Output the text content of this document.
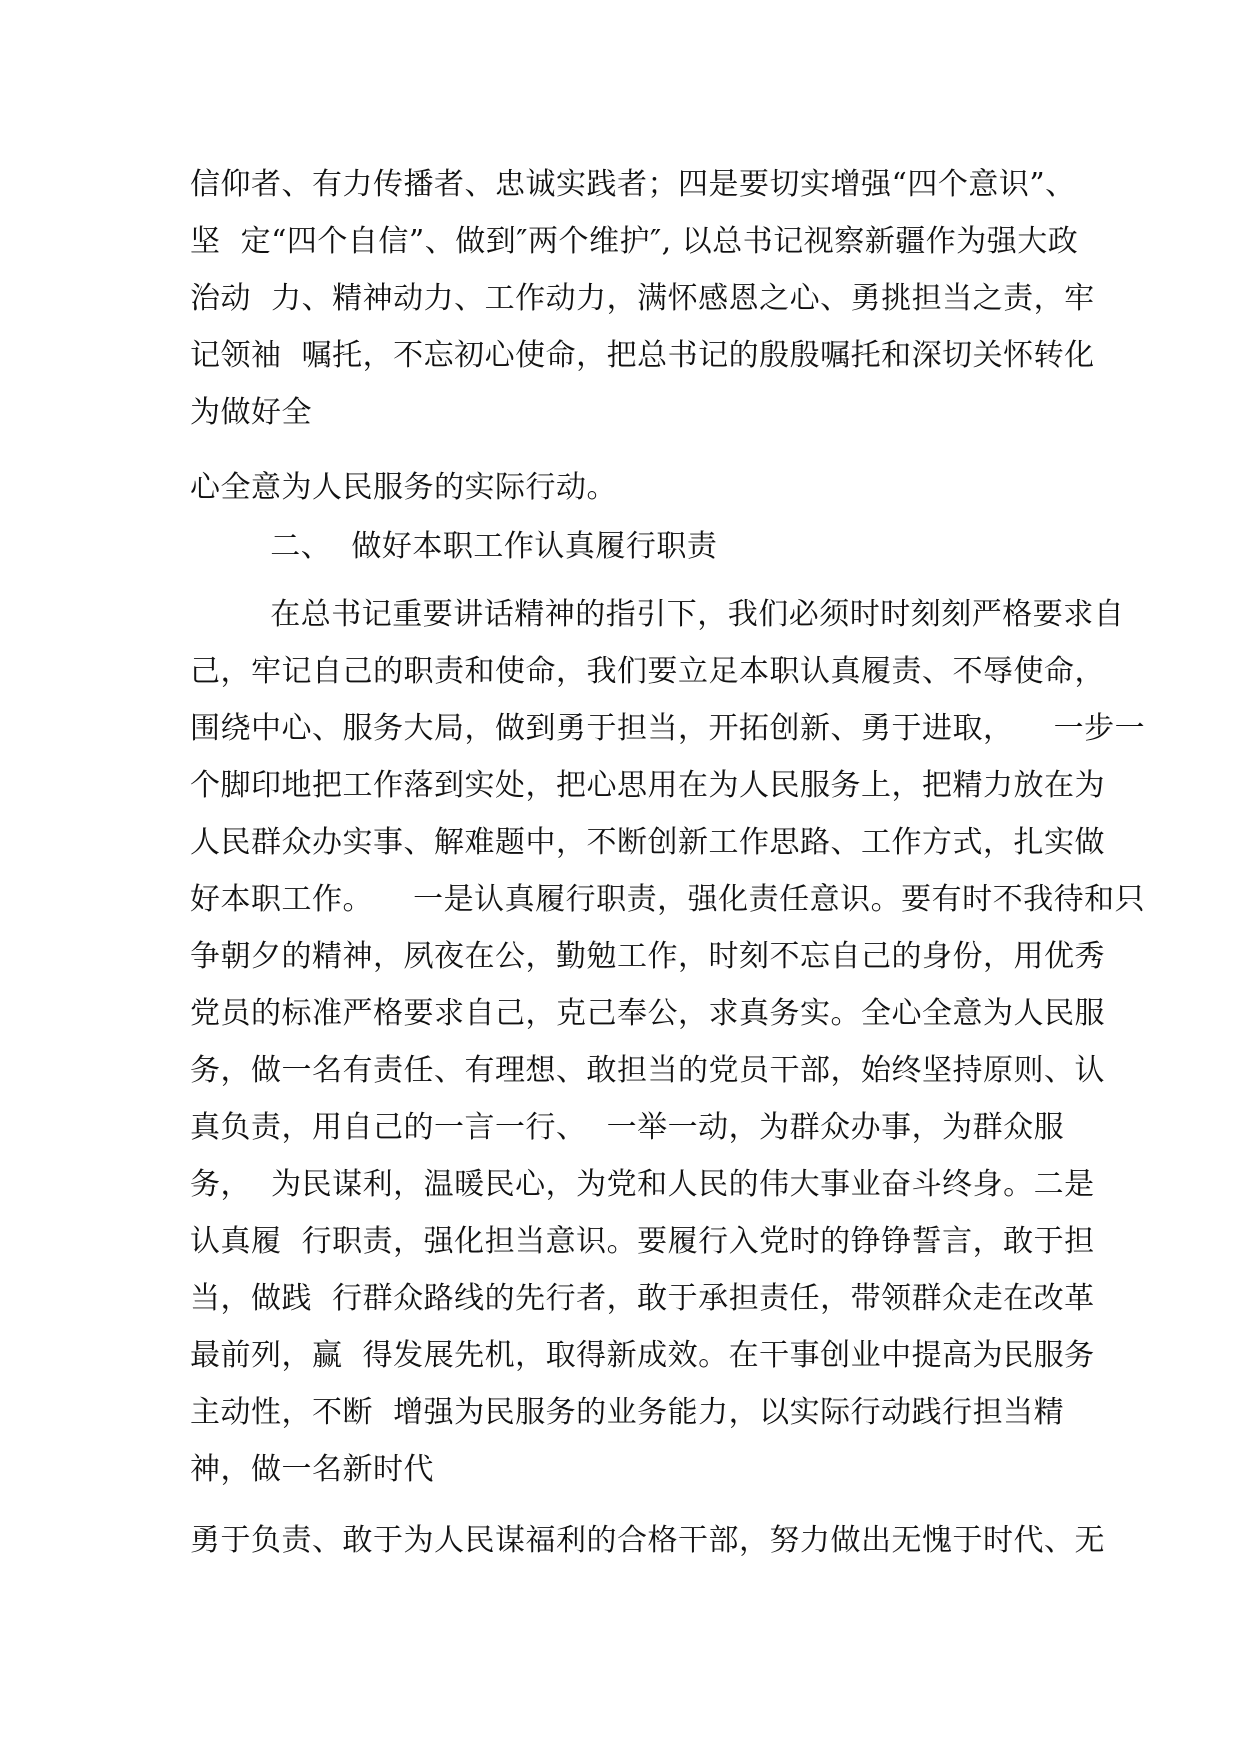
信仰者、有力传播者、忠诚实践者；四是要切实增强“四个意识”、
坚  定“四个自信”、做到″两个维护″, 以总书记视察新疆作为强大政
治动  力、精神动力、工作动力，满怀感恩之心、勇挑担当之责，牢
记领袖  嘱托，不忘初心使命，把总书记的殷殷嘱托和深切关怀转化
为做好全
心全意为人民服务的实际行动。
二、  做好本职工作认真履行职责
在总书记重要讲话精神的指引下，我们必须时时刻刻严格要求自
己，牢记自己的职责和使命，我们要立足本职认真履责、不辱使命，
围绕中心、服务大局，做到勇于担当，开拓创新、勇于进取，    一步一
个脚印地把工作落到实处，把心思用在为人民服务上，把精力放在为
人民群众办实事、解难题中，不断创新工作思路、工作方式，扎实做
好本职工作。    一是认真履行职责，强化责任意识。要有时不我待和只
争朝夕的精神，夙夜在公，勤勉工作，时刻不忘自己的身份，用优秀
党员的标准严格要求自己，克己奉公，求真务实。全心全意为人民服
务，做一名有责任、有理想、敢担当的党员干部，始终坚持原则、认
真负责，用自己的一言一行、  一举一动，为群众办事，为群众服
务，  为民谋利，温暖民心，为党和人民的伟大事业奋斗终身。二是
认真履  行职责，强化担当意识。要履行入党时的铮铮誓言，敢于担
当，做践  行群众路线的先行者，敢于承担责任，带领群众走在改革
最前列，赢  得发展先机，取得新成效。在干事创业中提高为民服务
主动性，不断  增强为民服务的业务能力，以实际行动践行担当精
神，做一名新时代
勇于负责、敢于为人民谋福利的合格干部，努力做出无愧于时代、无
